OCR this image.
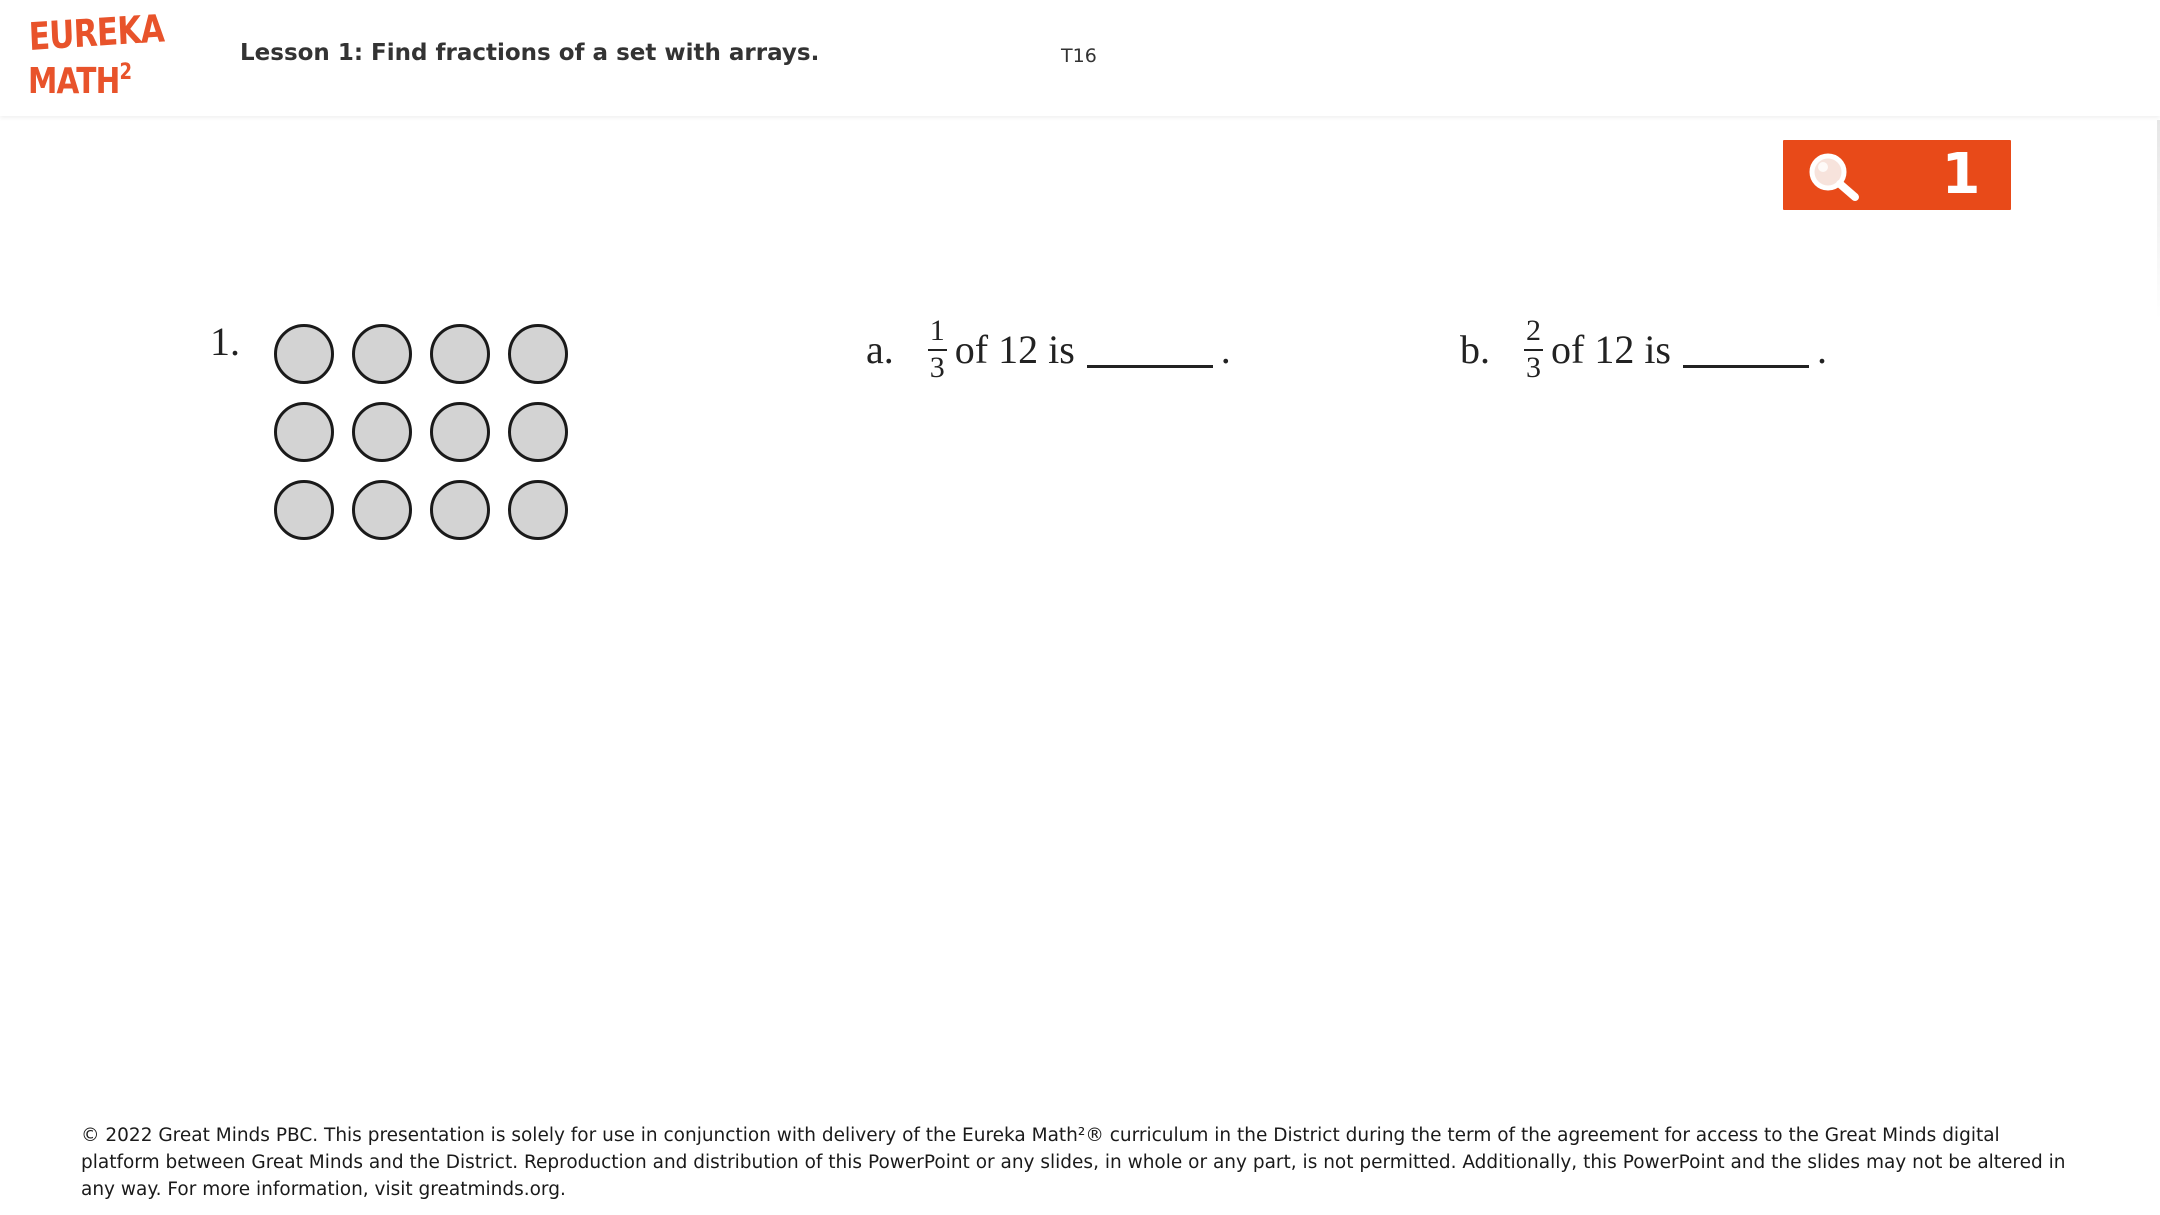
EUREKA
MATH$^2$
Lesson 1: Find fractions of a set with arrays.	T16
1
1.	a. $\frac{1}{3}$ of 12 is	.	b. $\frac{2}{3}$ of 12 is	.
© 2022 Great Minds PBC. This presentation is solely for use in conjunction with delivery of the Eureka Math²® curriculum in the District during the term of the agreement for access to the Great Minds digital platform between Great Minds and the District. Reproduction and distribution of this PowerPoint or any slides, in whole or any part, is not permitted. Additionally, this PowerPoint and the slides may not be altered in any way. For more information, visit greatminds.org.
